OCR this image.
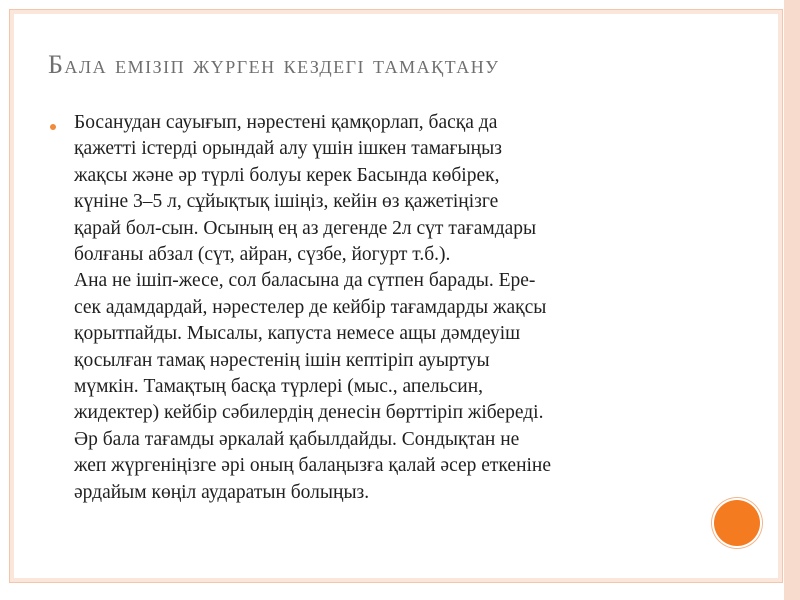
Бала емізіп жүрген кездегі тамақтану
Босанудан сауығып, нәрестені қамқорлап, басқа да
қажетті істерді орындай алу үшін ішкен тамағыңыз
жақсы және әр түрлі болуы керек Басында көбірек,
күніне 3–5 л, сұйықтық ішіңіз, кейін өз қажетіңізге
қарай бол-сын. Осының ең аз дегенде 2л сүт тағамдары
болғаны абзал (сүт, айран, сүзбе, йогурт т.б.).
Ана не ішіп-жесе, сол баласына да сүтпен барады. Ере-
сек адамдардай, нәрестелер де кейбір тағамдарды жақсы
қорытпайды. Мысалы, капуста немесе ащы дәмдеуіш
қосылған тамақ нәрестенің ішін кептіріп ауыртуы
мүмкін. Тамақтың басқа түрлері (мыс., апельсин,
жидектер) кейбір сәбилердің денесін бөрттіріп жібереді.
Әр бала тағамды әркалай қабылдайды. Сондықтан не
жеп жүргеніңізге әрі оның балаңызға қалай әсер еткеніне
әрдайым көңіл аударатын болыңыз.
